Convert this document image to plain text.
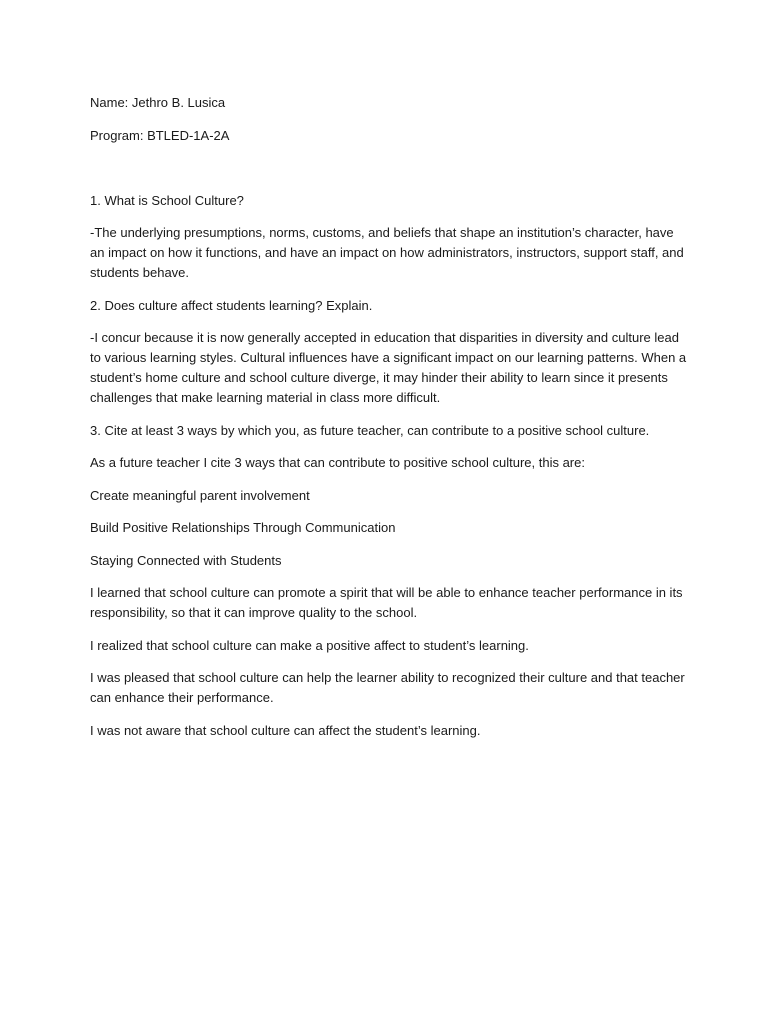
Name: Jethro B. Lusica

Program: BTLED-1A-2A

1. What is School Culture?

-The underlying presumptions, norms, customs, and beliefs that shape an institution’s character, have an impact on how it functions, and have an impact on how administrators, instructors, support staff, and students behave.

2. Does culture affect students learning? Explain.

-I concur because it is now generally accepted in education that disparities in diversity and culture lead to various learning styles. Cultural influences have a significant impact on our learning patterns. When a student’s home culture and school culture diverge, it may hinder their ability to learn since it presents challenges that make learning material in class more difficult.

3. Cite at least 3 ways by which you, as future teacher, can contribute to a positive school culture.

As a future teacher I cite 3 ways that can contribute to positive school culture, this are:

Create meaningful parent involvement

Build Positive Relationships Through Communication

Staying Connected with Students

I learned that school culture can promote a spirit that will be able to enhance teacher performance in its responsibility, so that it can improve quality to the school.

I realized that school culture can make a positive affect to student’s learning.

I was pleased that school culture can help the learner ability to recognized their culture and that teacher can enhance their performance.

I was not aware that school culture can affect the student’s learning.
